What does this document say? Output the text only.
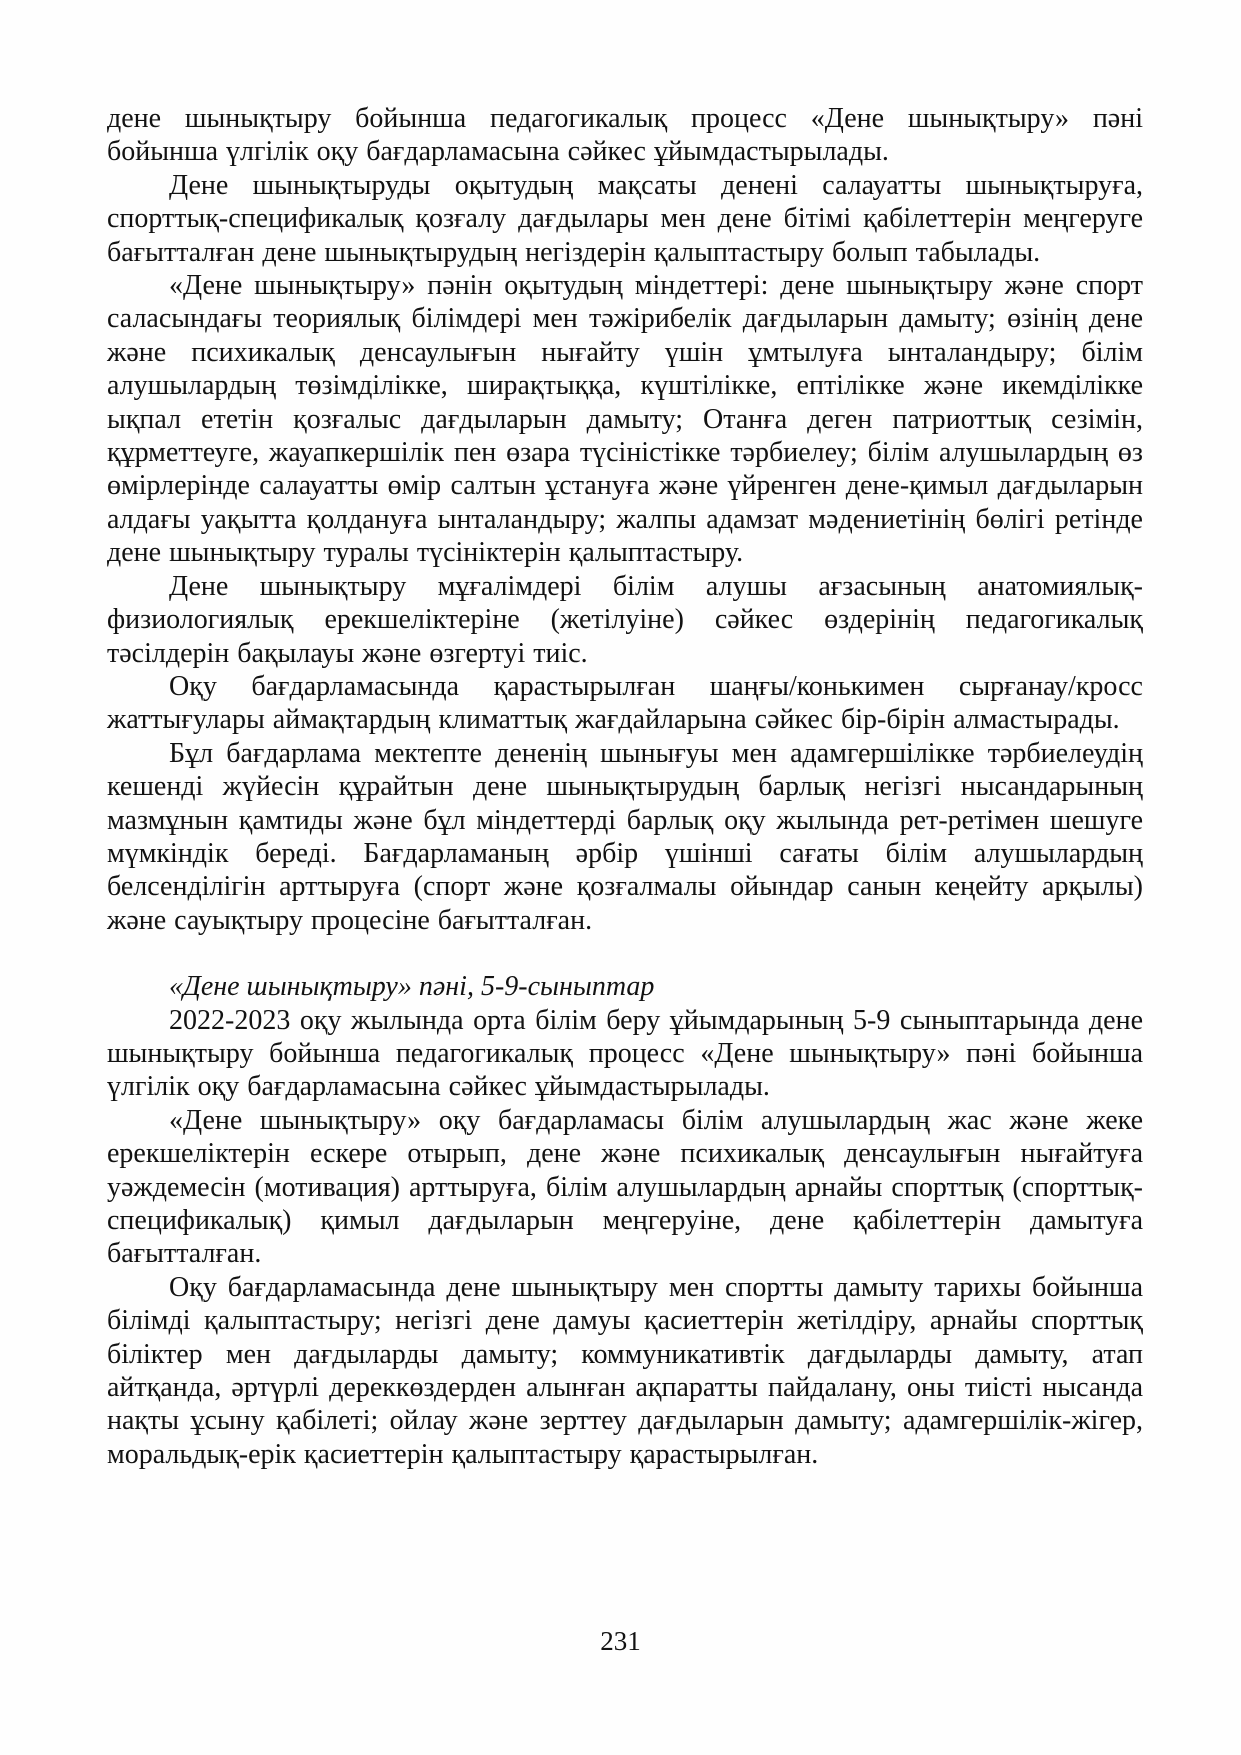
дене шынықтыру бойынша педагогикалық процесс «Дене шынықтыру» пәні бойынша үлгілік оқу бағдарламасына сәйкес ұйымдастырылады.

Дене шынықтыруды оқытудың мақсаты денені салауатты шынықтыруға, спорттық-спецификалық қозғалу дағдылары мен дене бітімі қабілеттерін меңгеруге бағытталған дене шынықтырудың негіздерін қалыптастыру болып табылады.

«Дене шынықтыру» пәнін оқытудың міндеттері: дене шынықтыру және спорт саласындағы теориялық білімдері мен тәжірибелік дағдыларын дамыту; өзінің дене және психикалық денсаулығын нығайту үшін ұмтылуға ынталандыру; білім алушылардың төзімділікке, ширақтыққа, күштілікке, ептілікке және икемділікке ықпал ететін қозғалыс дағдыларын дамыту; Отанға деген патриоттық сезімін, құрметтеуге, жауапкершілік пен өзара түсіністікке тәрбиелеу; білім алушылардың өз өмірлерінде салауатты өмір салтын ұстануға және үйренген дене-қимыл дағдыларын алдағы уақытта қолдануға ынталандыру; жалпы адамзат мәдениетінің бөлігі ретінде дене шынықтыру туралы түсініктерін қалыптастыру.

Дене шынықтыру мұғалімдері білім алушы ағзасының анатомиялық-физиологиялық ерекшеліктеріне (жетілуіне) сәйкес өздерінің педагогикалық тәсілдерін бақылауы және өзгертуі тиіс.

Оқу бағдарламасында қарастырылған шаңғы/конькимен сырғанау/кросс жаттығулары аймақтардың климаттық жағдайларына сәйкес бір-бірін алмастырады.

Бұл бағдарлама мектепте дененің шынығуы мен адамгершілікке тәрбиелеудің кешенді жүйесін құрайтын дене шынықтырудың барлық негізгі нысандарының мазмұнын қамтиды және бұл міндеттерді барлық оқу жылында рет-ретімен шешуге мүмкіндік береді. Бағдарламаның әрбір үшінші сағаты білім алушылардың белсенділігін арттыруға (спорт және қозғалмалы ойындар санын кеңейту арқылы) және сауықтыру процесіне бағытталған.

«Дене шынықтыру» пәні, 5-9-сыныптар

2022-2023 оқу жылында орта білім беру ұйымдарының 5-9 сыныптарында дене шынықтыру бойынша педагогикалық процесс «Дене шынықтыру» пәні бойынша үлгілік оқу бағдарламасына сәйкес ұйымдастырылады.

«Дене шынықтыру» оқу бағдарламасы білім алушылардың жас және жеке ерекшеліктерін ескере отырып, дене және психикалық денсаулығын нығайтуға уәждемесін (мотивация) арттыруға, білім алушылардың арнайы спорттық (спорттық-спецификалық) қимыл дағдыларын меңгеруіне, дене қабілеттерін дамытуға бағытталған.

Оқу бағдарламасында дене шынықтыру мен спортты дамыту тарихы бойынша білімді қалыптастыру; негізгі дене дамуы қасиеттерін жетілдіру, арнайы спорттық біліктер мен дағдыларды дамыту; коммуникативтік дағдыларды дамыту, атап айтқанда, әртүрлі дереккөздерден алынған ақпаратты пайдалану, оны тиісті нысанда нақты ұсыну қабілеті; ойлау және зерттеу дағдыларын дамыту; адамгершілік-жігер, моральдық-ерік қасиеттерін қалыптастыру қарастырылған.

231
